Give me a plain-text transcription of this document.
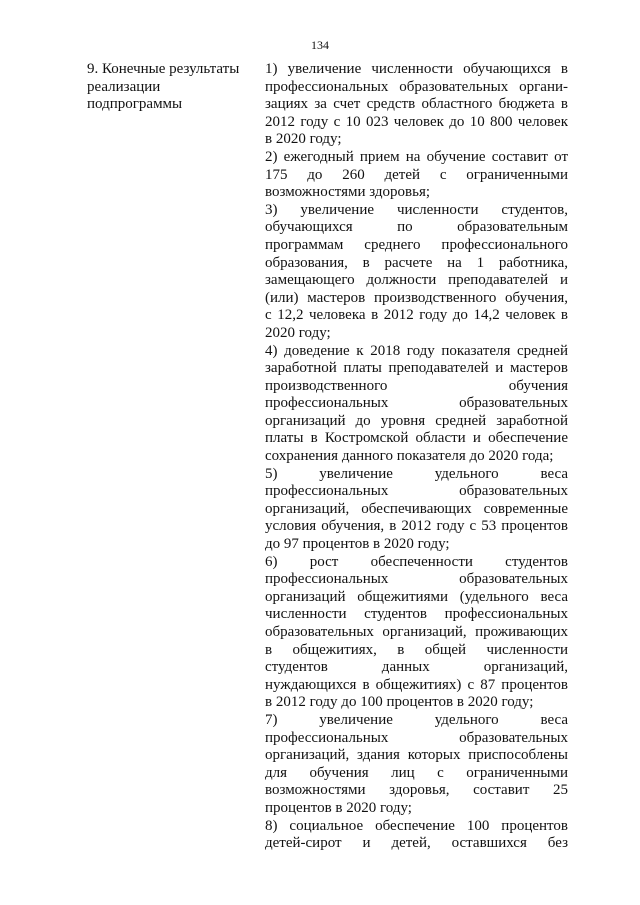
134
9. Конечные результаты
реализации
подпрограммы
1) увеличение численности обучающихся в
профессиональных образовательных органи-
зациях за счет средств областного бюджета в
2012 году с 10 023 человек до 10 800 человек
в 2020 году;
2) ежегодный прием на обучение составит от
175 до 260 детей с ограниченными
возможностями здоровья;
3) увеличение численности студентов,
обучающихся по образовательным
программам среднего профессионального
образования, в расчете на 1 работника,
замещающего должности преподавателей и
(или) мастеров производственного обучения,
с 12,2 человека в 2012 году до 14,2 человек в
2020 году;
4) доведение к 2018 году показателя средней
заработной платы преподавателей и мастеров
производственного обучения
профессиональных образовательных
организаций до уровня средней заработной
платы в Костромской области и обеспечение
сохранения данного показателя до 2020 года;
5) увеличение удельного веса
профессиональных образовательных
организаций, обеспечивающих современные
условия обучения, в 2012 году с 53 процентов
до 97 процентов в 2020 году;
6) рост обеспеченности студентов
профессиональных образовательных
организаций общежитиями (удельного веса
численности студентов профессиональных
образовательных организаций, проживающих
в общежитиях, в общей численности
студентов данных организаций,
нуждающихся в общежитиях) с 87 процентов
в 2012 году до 100 процентов в 2020 году;
7) увеличение удельного веса
профессиональных образовательных
организаций, здания которых приспособлены
для обучения лиц с ограниченными
возможностями здоровья, составит 25
процентов в 2020 году;
8) социальное обеспечение 100 процентов
детей-сирот и детей, оставшихся без
